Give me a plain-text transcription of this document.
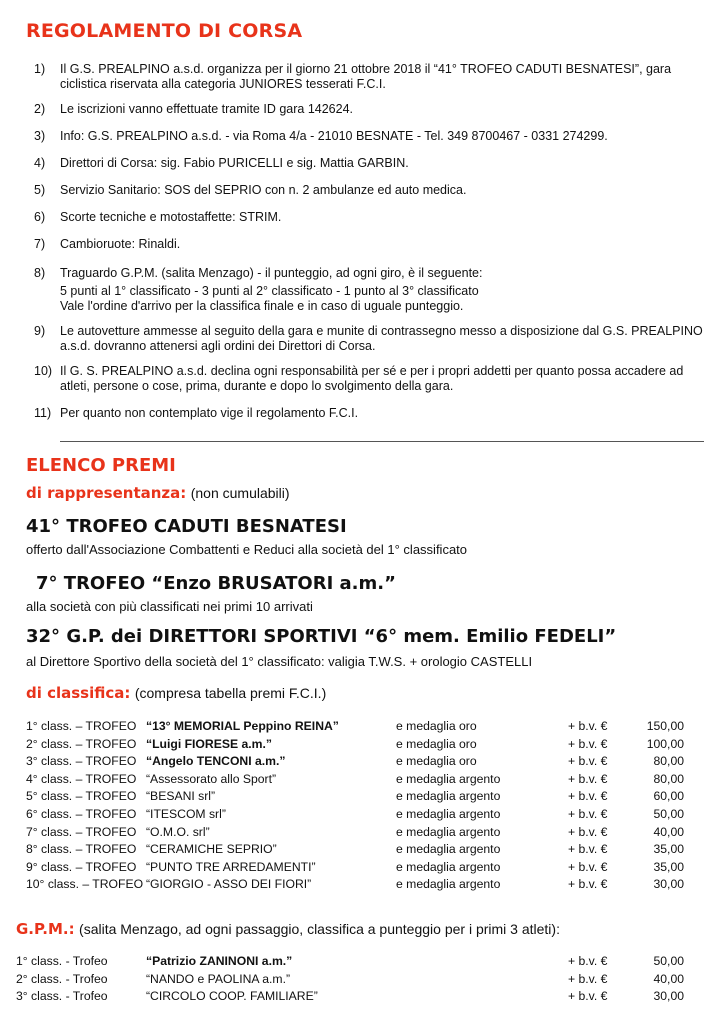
REGOLAMENTO DI CORSA
1) Il G.S. PREALPINO a.s.d. organizza per il giorno 21 ottobre 2018 il “41° TROFEO CADUTI BESNATESI”, gara ciclistica riservata alla categoria JUNIORES tesserati F.C.I.
2) Le iscrizioni vanno effettuate tramite ID gara 142624.
3) Info: G.S. PREALPINO a.s.d. - via Roma 4/a - 21010 BESNATE - Tel. 349 8700467 - 0331 274299.
4) Direttori di Corsa: sig. Fabio PURICELLI e sig. Mattia GARBIN.
5) Servizio Sanitario: SOS del SEPRIO con n. 2 ambulanze ed auto medica.
6) Scorte tecniche e motostaffette: STRIM.
7) Cambioruote: Rinaldi.
8) Traguardo G.P.M. (salita Menzago) - il punteggio, ad ogni giro, è il seguente:
5 punti al 1° classificato - 3 punti al 2° classificato - 1 punto al 3° classificato
Vale l'ordine d'arrivo per la classifica finale e in caso di uguale punteggio.
9) Le autovetture ammesse al seguito della gara e munite di contrassegno messo a disposizione dal G.S. PREALPINO a.s.d. dovranno attenersi agli ordini dei Direttori di Corsa.
10) Il G. S. PREALPINO a.s.d. declina ogni responsabilità per sé e per i propri addetti per quanto possa accadere ad atleti, persone o cose, prima, durante e dopo lo svolgimento della gara.
11) Per quanto non contemplato vige il regolamento F.C.I.
ELENCO PREMI
di rappresentanza: (non cumulabili)
41° TROFEO CADUTI BESNATESI
offerto dall'Associazione Combattenti e Reduci alla società del 1° classificato
7° TROFEO “Enzo BRUSATORI a.m.”
alla società con più classificati nei primi 10 arrivati
32° G.P. dei DIRETTORI SPORTIVI “6° mem. Emilio FEDELI”
al Direttore Sportivo della società del 1° classificato: valigia T.W.S. + orologio CASTELLI
di classifica: (compresa tabella premi F.C.I.)
1° class. – TROFEO “13° MEMORIAL Peppino REINA”	e medaglia oro	+ b.v. €	150,00
2° class. – TROFEO “Luigi FIORESE a.m.”	e medaglia oro	+ b.v. €	100,00
3° class. – TROFEO “Angelo TENCONI a.m.”	e medaglia oro	+ b.v. €	80,00
4° class. – TROFEO “Assessorato allo Sport”	e medaglia argento	+ b.v. €	80,00
5° class. – TROFEO “BESANI srl”	e medaglia argento	+ b.v. €	60,00
6° class. – TROFEO “ITESCOM srl”	e medaglia argento	+ b.v. €	50,00
7° class. – TROFEO “O.M.O. srl”	e medaglia argento	+ b.v. €	40,00
8° class. – TROFEO “CERAMICHE SEPRIO”	e medaglia argento	+ b.v. €	35,00
9° class. – TROFEO “PUNTO TRE ARREDAMENTI”	e medaglia argento	+ b.v. €	35,00
10° class. – TROFEO “GIORGIO - ASSO DEI FIORI”	e medaglia argento	+ b.v. €	30,00
G.P.M.: (salita Menzago, ad ogni passaggio, classifica a punteggio per i primi 3 atleti):
1° class. - Trofeo	“Patrizio ZANINONI a.m.”	+ b.v. €	50,00
2° class. - Trofeo	“NANDO e PAOLINA a.m.”	+ b.v. €	40,00
3° class. - Trofeo	“CIRCOLO COOP. FAMILIARE”	+ b.v. €	30,00
